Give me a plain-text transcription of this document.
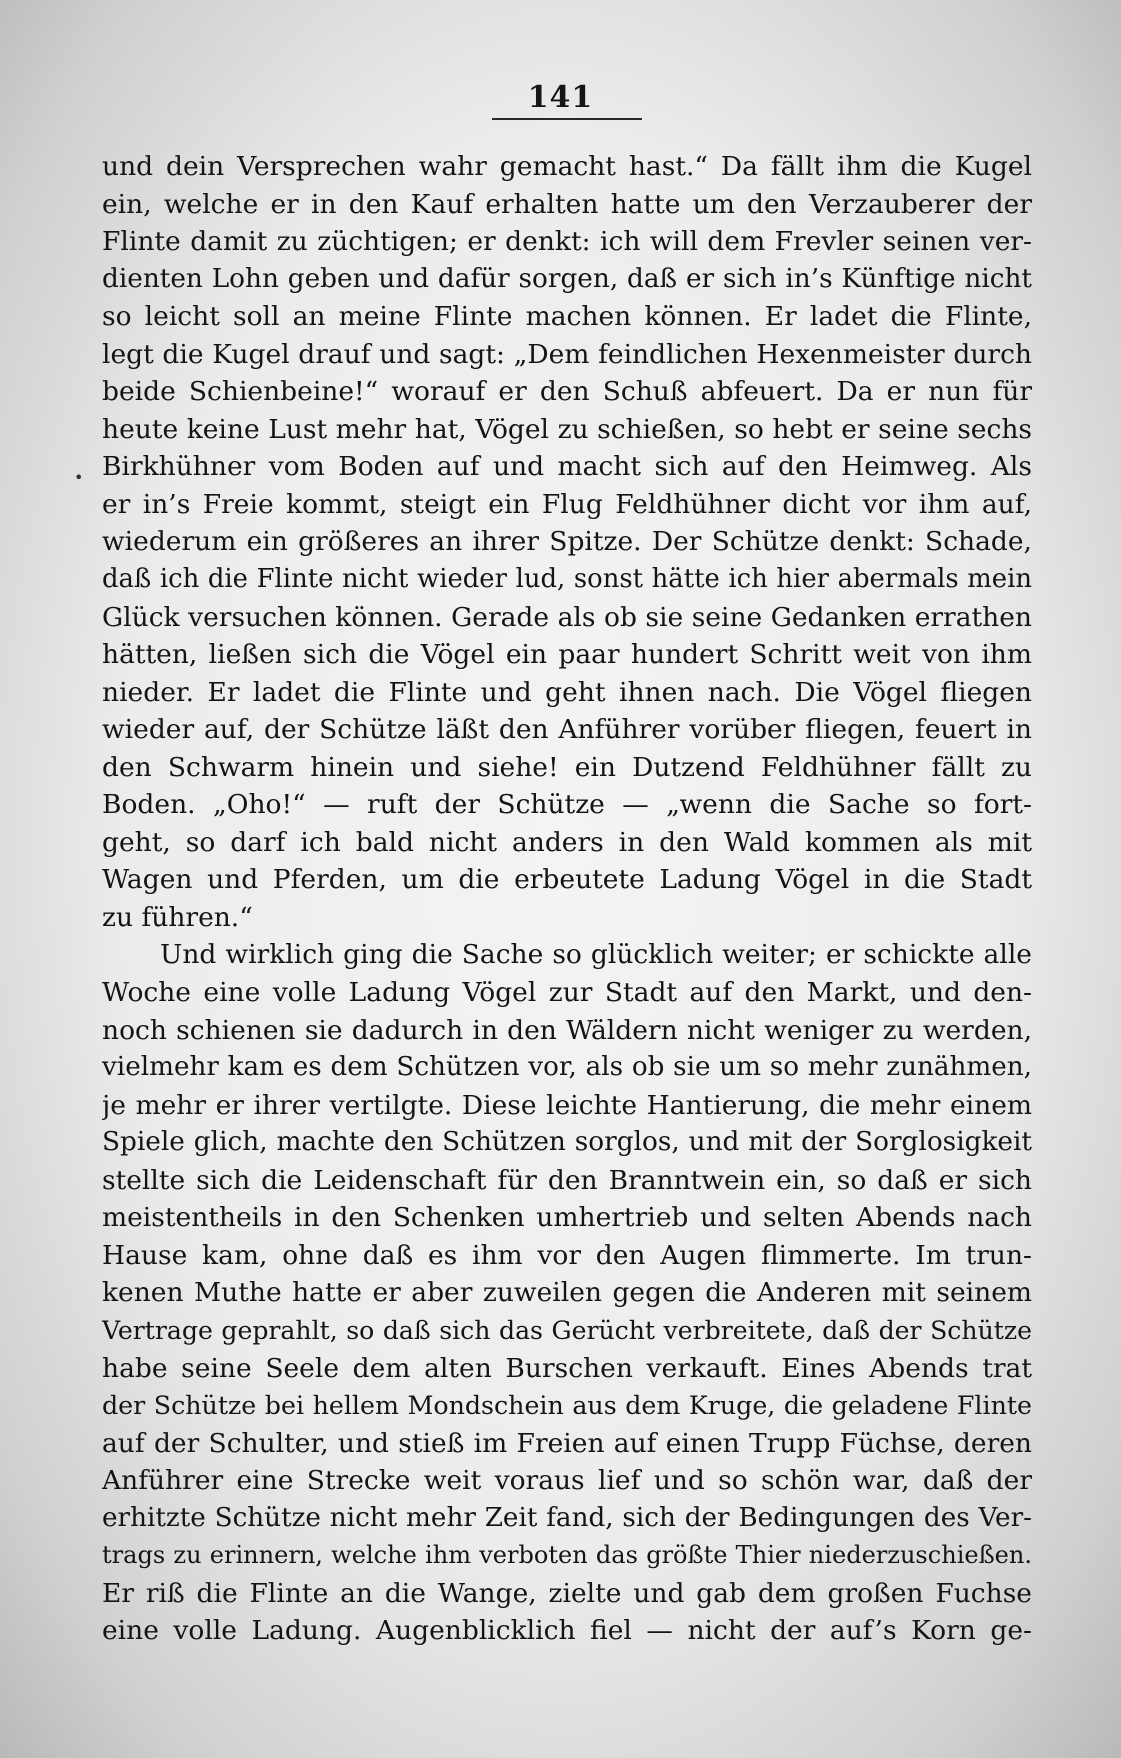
141
•
und dein Versprechen wahr gemacht hast.“ Da fällt ihm die Kugel
ein, welche er in den Kauf erhalten hatte um den Verzauberer der
Flinte damit zu züchtigen; er denkt: ich will dem Frevler seinen ver-
dienten Lohn geben und dafür sorgen, daß er sich in’s Künftige nicht
so leicht soll an meine Flinte machen können. Er ladet die Flinte,
legt die Kugel drauf und sagt: „Dem feindlichen Hexenmeister durch
beide Schienbeine!“ worauf er den Schuß abfeuert. Da er nun für
heute keine Lust mehr hat, Vögel zu schießen, so hebt er seine sechs
Birkhühner vom Boden auf und macht sich auf den Heimweg. Als
er in’s Freie kommt, steigt ein Flug Feldhühner dicht vor ihm auf,
wiederum ein größeres an ihrer Spitze. Der Schütze denkt: Schade,
daß ich die Flinte nicht wieder lud, sonst hätte ich hier abermals mein
Glück versuchen können. Gerade als ob sie seine Gedanken errathen
hätten, ließen sich die Vögel ein paar hundert Schritt weit von ihm
nieder. Er ladet die Flinte und geht ihnen nach. Die Vögel fliegen
wieder auf, der Schütze läßt den Anführer vorüber fliegen, feuert in
den Schwarm hinein und siehe! ein Dutzend Feldhühner fällt zu
Boden. „Oho!“ — ruft der Schütze — „wenn die Sache so fort-
geht, so darf ich bald nicht anders in den Wald kommen als mit
Wagen und Pferden, um die erbeutete Ladung Vögel in die Stadt
zu führen.“
Und wirklich ging die Sache so glücklich weiter; er schickte alle
Woche eine volle Ladung Vögel zur Stadt auf den Markt, und den-
noch schienen sie dadurch in den Wäldern nicht weniger zu werden,
vielmehr kam es dem Schützen vor, als ob sie um so mehr zunähmen,
je mehr er ihrer vertilgte. Diese leichte Hantierung, die mehr einem
Spiele glich, machte den Schützen sorglos, und mit der Sorglosigkeit
stellte sich die Leidenschaft für den Branntwein ein, so daß er sich
meistentheils in den Schenken umhertrieb und selten Abends nach
Hause kam, ohne daß es ihm vor den Augen flimmerte. Im trun-
kenen Muthe hatte er aber zuweilen gegen die Anderen mit seinem
Vertrage geprahlt, so daß sich das Gerücht verbreitete, daß der Schütze
habe seine Seele dem alten Burschen verkauft. Eines Abends trat
der Schütze bei hellem Mondschein aus dem Kruge, die geladene Flinte
auf der Schulter, und stieß im Freien auf einen Trupp Füchse, deren
Anführer eine Strecke weit voraus lief und so schön war, daß der
erhitzte Schütze nicht mehr Zeit fand, sich der Bedingungen des Ver-
trags zu erinnern, welche ihm verboten das größte Thier niederzuschießen.
Er riß die Flinte an die Wange, zielte und gab dem großen Fuchse
eine volle Ladung. Augenblicklich fiel — nicht der auf’s Korn ge-
